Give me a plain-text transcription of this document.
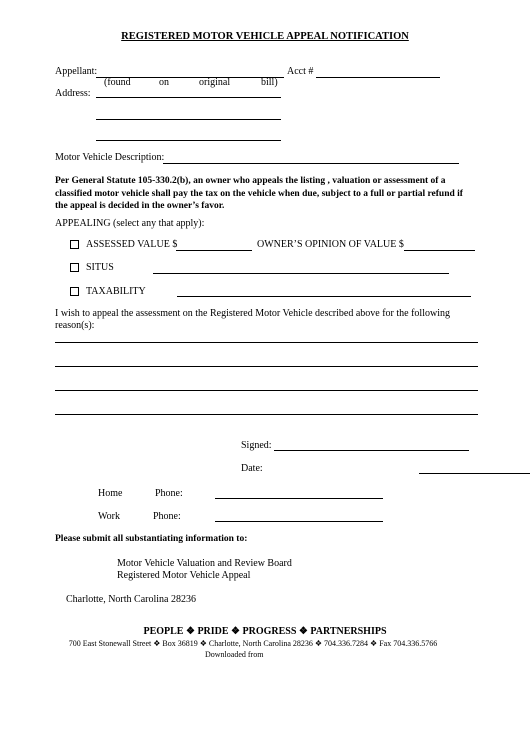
REGISTERED MOTOR VEHICLE APPEAL NOTIFICATION
Appellant:	Acct #
(found	on	original	bill)
Address:
Motor Vehicle Description:
Per General Statute 105-330.2(b), an owner who appeals the listing , valuation or assessment of a classified motor vehicle shall pay the tax on the vehicle when due, subject to a full or partial refund if the appeal is decided in the owner’s favor.
APPEALING (select any that apply):
ASSESSED VALUE $	OWNER’S OPINION OF VALUE $
SITUS
TAXABILITY
I wish to appeal the assessment on the Registered Motor Vehicle described above for the following reason(s):
Signed:
Date:
Home	Phone:
Work	Phone:
Please submit all substantiating information to:
Motor Vehicle Valuation and Review Board
Registered Motor Vehicle Appeal
Charlotte, North Carolina 28236
PEOPLE ❖ PRIDE ❖ PROGRESS ❖ PARTNERSHIPS
700 East Stonewall Street ❖ Box 36819 ❖ Charlotte, North Carolina 28236 ❖ 704.336.7284 ❖ Fax 704.336.5766
Downloaded from
